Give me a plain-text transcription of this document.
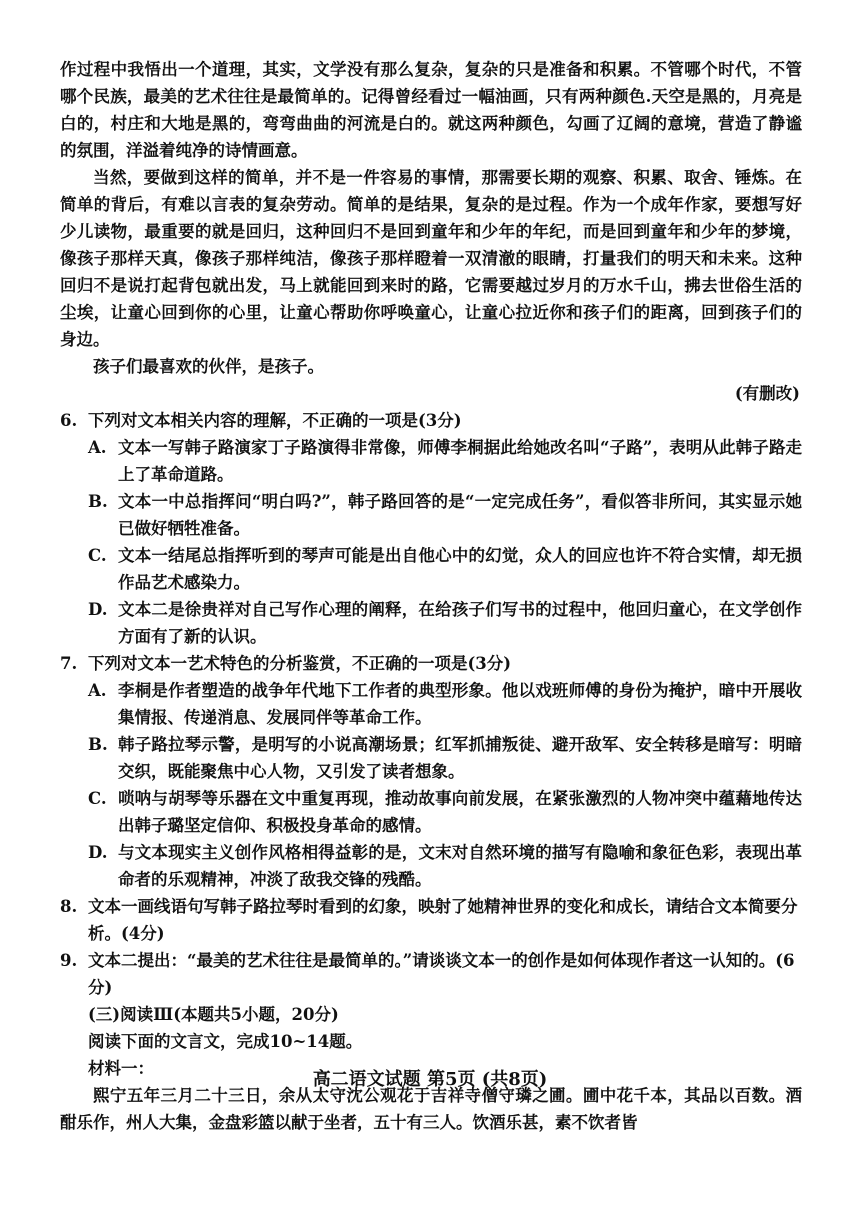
作过程中我悟出一个道理，其实，文学没有那么复杂，复杂的只是准备和积累。不管哪个时代，不管哪个民族，最美的艺术往往是最简单的。记得曾经看过一幅油画，只有两种颜色.天空是黑的，月亮是白的，村庄和大地是黑的，弯弯曲曲的河流是白的。就这两种颜色，勾画了辽阔的意境，营造了静谧的氛围，洋溢着纯净的诗情画意。

当然，要做到这样的简单，并不是一件容易的事情，那需要长期的观察、积累、取舍、锤炼。在简单的背后，有难以言表的复杂劳动。简单的是结果，复杂的是过程。作为一个成年作家，要想写好少儿读物，最重要的就是回归，这种回归不是回到童年和少年的年纪，而是回到童年和少年的梦境，像孩子那样天真，像孩子那样纯洁，像孩子那样瞪着一双清澈的眼睛，打量我们的明天和未来。这种回归不是说打起背包就出发，马上就能回到来时的路，它需要越过岁月的万水千山，拂去世俗生活的尘埃，让童心回到你的心里，让童心帮助你呼唤童心，让童心拉近你和孩子们的距离，回到孩子们的身边。

孩子们最喜欢的伙伴，是孩子。

(有删改)

6. 下列对文本相关内容的理解，不正确的一项是(3分)
A. 文本一写韩子路演家丁子路演得非常像，师傅李桐据此给她改名叫“子路”，表明从此韩子路走上了革命道路。
B. 文本一中总指挥问“明白吗?”，韩子路回答的是“一定完成任务”，看似答非所问，其实显示她已做好牺牲准备。
C. 文本一结尾总指挥听到的琴声可能是出自他心中的幻觉，众人的回应也许不符合实情，却无损作品艺术感染力。
D. 文本二是徐贵祥对自己写作心理的阐释，在给孩子们写书的过程中，他回归童心，在文学创作方面有了新的认识。
7. 下列对文本一艺术特色的分析鉴赏，不正确的一项是(3分)
A. 李桐是作者塑造的战争年代地下工作者的典型形象。他以戏班师傅的身份为掩护，暗中开展收集情报、传递消息、发展同伴等革命工作。
B. 韩子路拉琴示警，是明写的小说高潮场景；红军抓捕叛徒、避开敌军、安全转移是暗写：明暗交织，既能聚焦中心人物，又引发了读者想象。
C. 唢呐与胡琴等乐器在文中重复再现，推动故事向前发展，在紧张激烈的人物冲突中蕴藉地传达出韩子璐坚定信仰、积极投身革命的感情。
D. 与文本现实主义创作风格相得益彰的是，文末对自然环境的描写有隐喻和象征色彩，表现出革命者的乐观精神，冲淡了敌我交锋的残酷。
8. 文本一画线语句写韩子路拉琴时看到的幻象，映射了她精神世界的变化和成长，请结合文本简要分析。(4分)
9. 文本二提出：“最美的艺术往往是最简单的。”请谈谈文本一的创作是如何体现作者这一认知的。(6分)

(三)阅读Ⅲ(本题共5小题，20分)

阅读下面的文言文，完成10~14题。

材料一：

熙宁五年三月二十三日，余从太守沈公观花于吉祥寺僧守璘之圃。圃中花千本，其品以百数。酒酣乐作，州人大集，金盘彩篮以献于坐者，五十有三人。饮酒乐甚，素不饮者皆

高二语文试题 第5页 (共8页)
